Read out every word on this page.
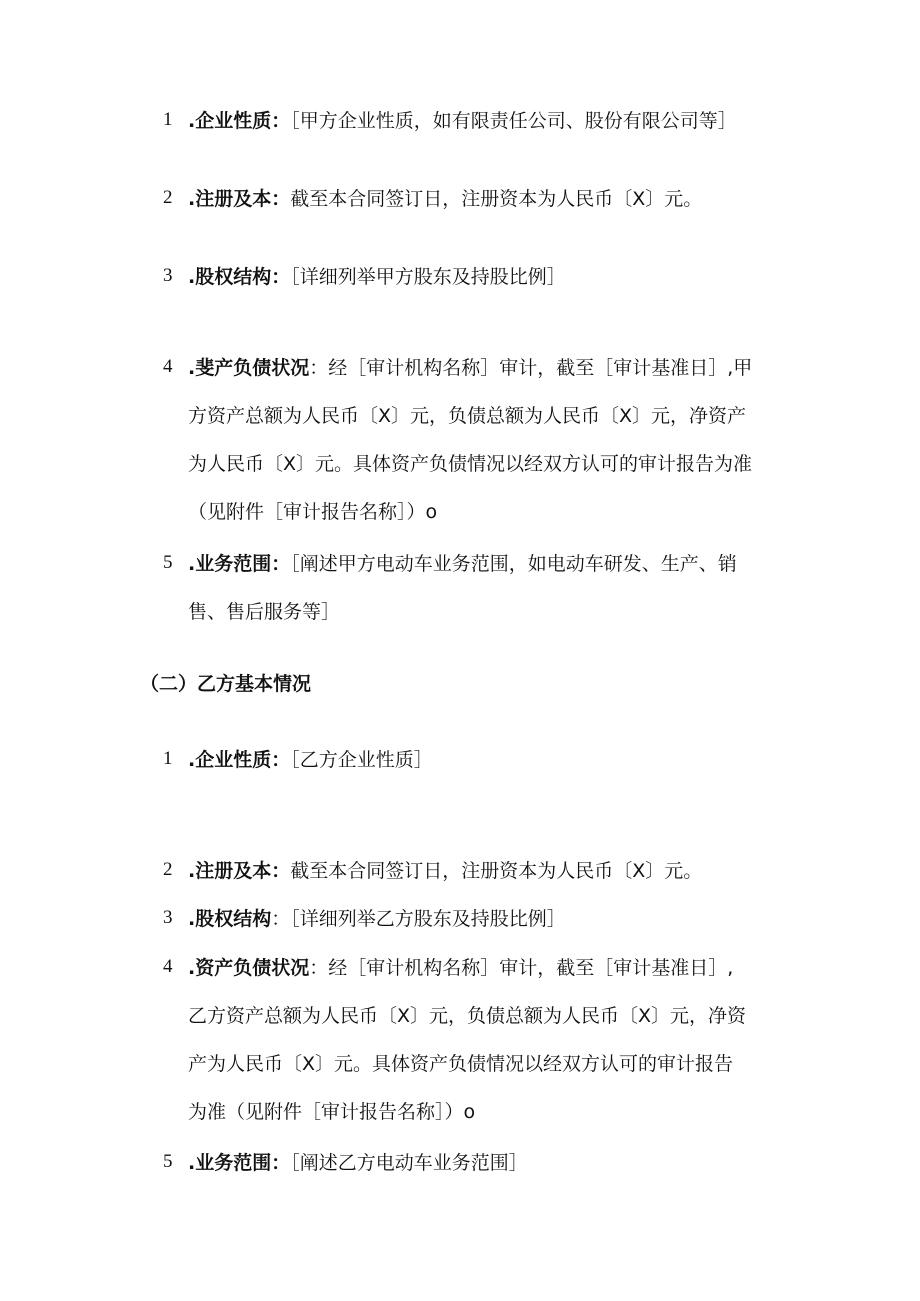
1 .企业性质：［甲方企业性质，如有限责任公司、股份有限公司等］
2 .注册及本：截至本合同签订日，注册资本为人民币〔X〕元。
3 .股权结构：［详细列举甲方股东及持股比例］
4 .斐产负债状况：经［审计机构名称］审计，截至［审计基准日］,甲
方资产总额为人民币〔X〕元，负债总额为人民币〔X〕元，净资产
为人民币〔X〕元。具体资产负债情况以经双方认可的审计报告为准
（见附件［审计报告名称］）o
5 .业务范围：［阐述甲方电动车业务范围，如电动车研发、生产、销
售、售后服务等］
（二）乙方基本情况
1 .企业性质：［乙方企业性质］
2 .注册及本：截至本合同签订日，注册资本为人民币〔X〕元。
3 .股权结构：［详细列举乙方股东及持股比例］
4 .资产负债状况：经［审计机构名称］审计，截至［审计基准日］,
乙方资产总额为人民币〔X〕元，负债总额为人民币〔X〕元，净资
产为人民币〔X〕元。具体资产负债情况以经双方认可的审计报告
为准（见附件［审计报告名称］）o
5 .业务范围：［阐述乙方电动车业务范围］
